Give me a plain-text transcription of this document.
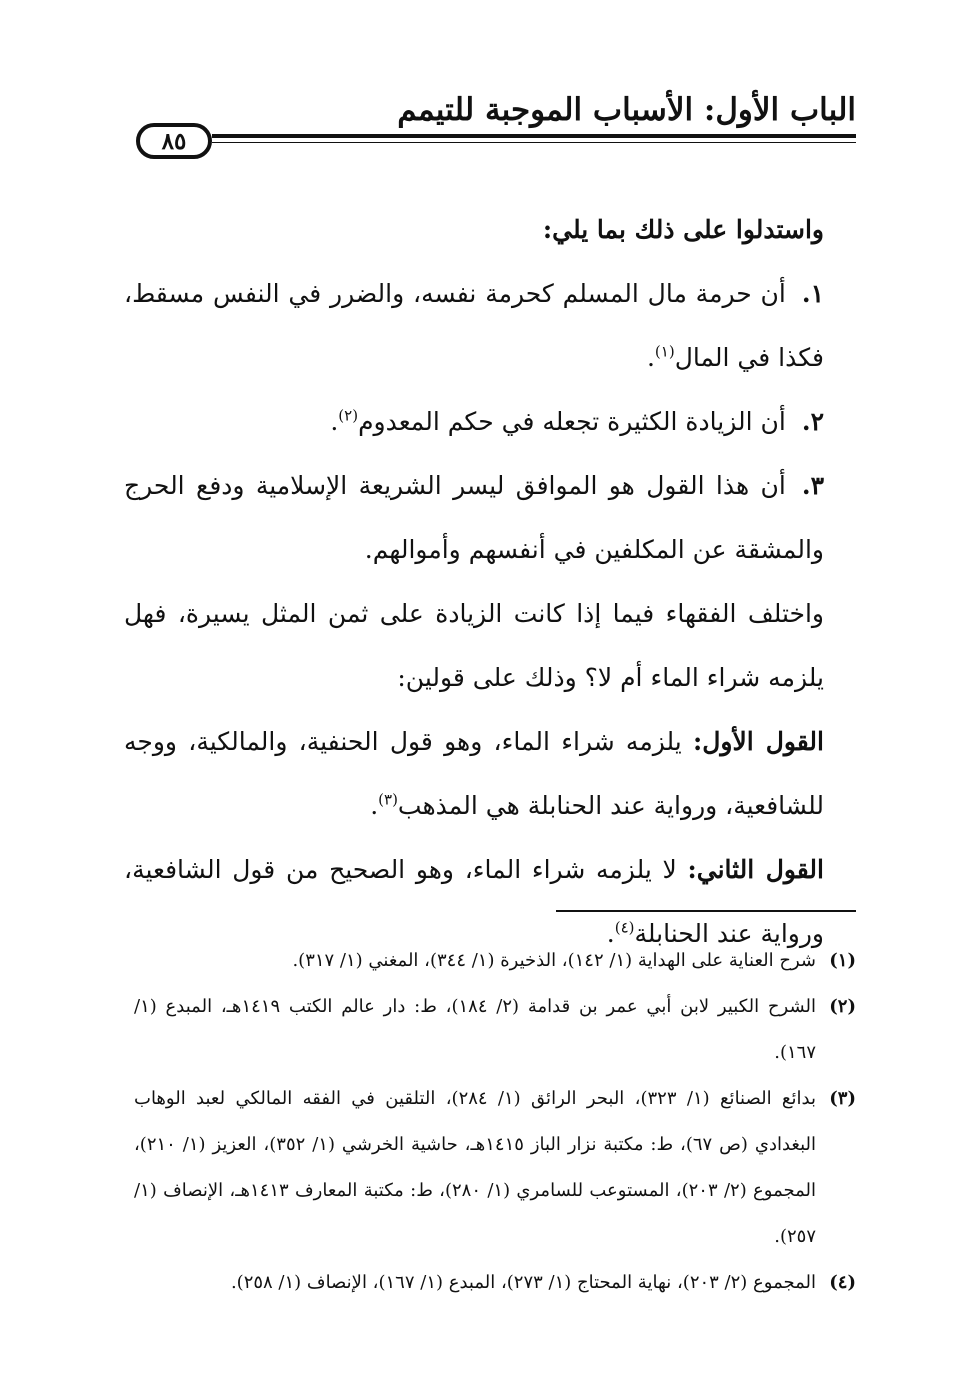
الباب الأول: الأسباب الموجبة للتيمم
٨٥

واستدلوا على ذلك بما يلي:

١.أن حرمة مال المسلم كحرمة نفسه، والضرر في النفس مسقط، فكذا في المال$^{(١)}$.

٢.أن الزيادة الكثيرة تجعله في حكم المعدوم$^{(٢)}$.

٣.أن هذا القول هو الموافق ليسر الشريعة الإسلامية ودفع الحرج والمشقة عن المكلفين في أنفسهم وأموالهم.

واختلف الفقهاء فيما إذا كانت الزيادة على ثمن المثل يسيرة، فهل يلزمه شراء الماء أم لا؟ وذلك على قولين:

القول الأول: يلزمه شراء الماء، وهو قول الحنفية، والمالكية، ووجه للشافعية، ورواية عند الحنابلة هي المذهب$^{(٣)}$.

القول الثاني: لا يلزمه شراء الماء، وهو الصحيح من قول الشافعية، ورواية عند الحنابلة$^{(٤)}$.

(١)
شرح العناية على الهداية (١/ ١٤٢)، الذخيرة (١/ ٣٤٤)، المغني (١/ ٣١٧).
(٢)
الشرح الكبير لابن أبي عمر بن قدامة (٢/ ١٨٤)، ط: دار عالم الكتب ١٤١٩هـ، المبدع (١/ ١٦٧).
(٣)
بدائع الصنائع (١/ ٣٢٣)، البحر الرائق (١/ ٢٨٤)، التلقين في الفقه المالكي لعبد الوهاب البغدادي (ص ٦٧)، ط: مكتبة نزار الباز ١٤١٥هـ، حاشية الخرشي (١/ ٣٥٢)، العزيز (١/ ٢١٠)، المجموع (٢/ ٢٠٣)، المستوعب للسامري (١/ ٢٨٠)، ط: مكتبة المعارف ١٤١٣هـ، الإنصاف (١/ ٢٥٧).
(٤)
المجموع (٢/ ٢٠٣)، نهاية المحتاج (١/ ٢٧٣)، المبدع (١/ ١٦٧)، الإنصاف (١/ ٢٥٨).
